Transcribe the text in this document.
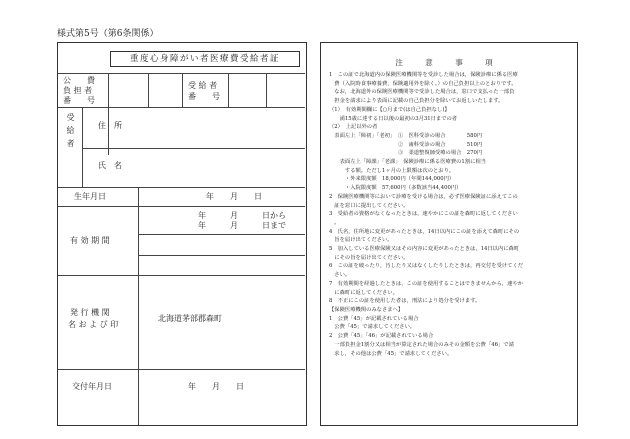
様式第5号（第6条関係）
重度心身障がい者医療費受給者証
公　　費
負 担 者
番　　号
受 給 者
番　　号
受給者	住　所
氏　名
生年月日	年　　月　　日
有 効 期 間
年　　　月　　　日から
年　　　月　　　日まで
発 行 機 関
名 お よ び 印
北海道茅部郡森町
交付年月日	年　　月　　日
注 意 事 項
1　この証で北海道内の保険医療機関等を受診した場合は，保険診療に係る医療
　費（入院時食事療養費，保険適用外を除く。）の自己負担以上のとおりです。
　なお，北海道外の保険医療機関等で受診した場合は，窓口で支払った一部負
　担金を請求により表面に記載の自己負担分を除いてお返しいたします。
（1）　有効期間欄に【○月まで(は自己負担なし)】
　　満15歳に達する日以後の最初の3月31日までの者
（2）　上記以外の者
　表面左上「障初」「老初」　①　医科受診の場合　　　　580円
　　　　　　　　　　　　　②　歯科受診の場合　　　　510円
　　　　　　　　　　　　　③　柔道整復師受療の場合　270円
　　表面左上「障課」「老課」　保険診療に係る医療費の1割に相当
　　　する額。ただし1ヶ月の上限額は次のとおり。
　　　・外来限度額　18,000円（年間144,000円）
　　　・入院限度額　57,600円（多数該当44,400円）
2　保険医療機関等において診療を受ける場合は，必ず医療保険証に添えてこの
　証を窓口に提出してください。
3　受給者の資格がなくなったときは，速やかにこの証を森町に返してください
　。
4　氏名，住所地に変更があったときは，14日以内にこの証を添えて森町にその
　旨を届け出てください。
5　加入している医療保険又はその内容に変更があったときは，14日以内に森町
　にその旨を届け出てください。
6　この証を破ったり，汚したり又はなくしたりしたときは，再交付を受けてくだ
　さい。
7　有効期間を経過したときは，この証を使用することはできませんから，速やか
　に森町に返してください。
8　不正にこの証を使用した者は，刑法により処分を受けます。
【保険医療機関のみなさまへ】
1　公費「45」が記載されている場合
　公費「45」で請求してください。
2　公費「45」「46」が記載されている場合
　一部負担金1割分又は相当が算定された場合のみその金額を公費「46」で請
　求し，その他は公費「45」で請求してください。
